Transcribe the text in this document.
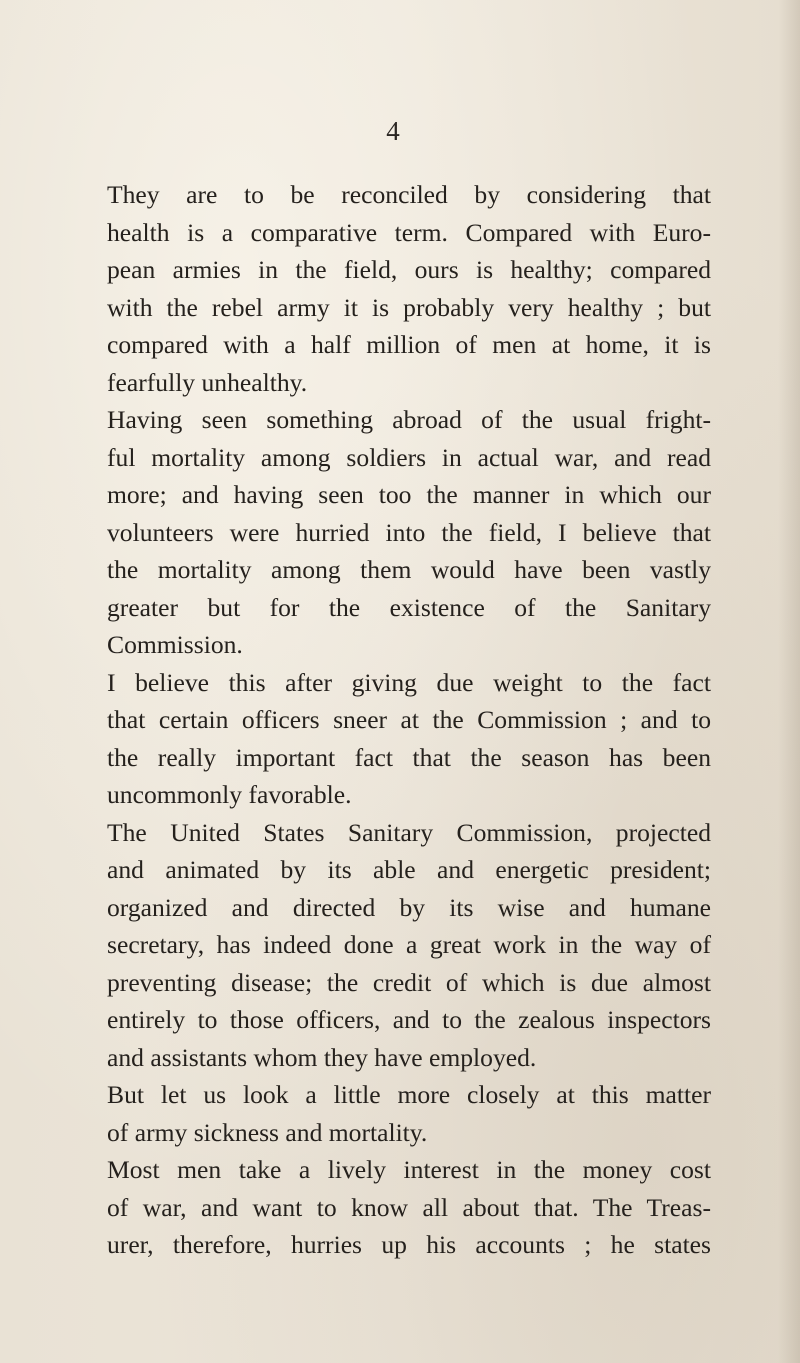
4

They are to be reconciled by considering that
health is a comparative term. Compared with Euro-
pean armies in the field, ours is healthy; compared
with the rebel army it is probably very healthy ; but
compared with a half million of men at home, it is
fearfully unhealthy.

Having seen something abroad of the usual fright-
ful mortality among soldiers in actual war, and read
more; and having seen too the manner in which our
volunteers were hurried into the field, I believe that
the mortality among them would have been vastly
greater but for the existence of the Sanitary
Commission.

I believe this after giving due weight to the fact
that certain officers sneer at the Commission ; and to
the really important fact that the season has been
uncommonly favorable.

The United States Sanitary Commission, projected
and animated by its able and energetic president;
organized and directed by its wise and humane
secretary, has indeed done a great work in the way of
preventing disease; the credit of which is due almost
entirely to those officers, and to the zealous inspectors
and assistants whom they have employed.

But let us look a little more closely at this matter
of army sickness and mortality.

Most men take a lively interest in the money cost
of war, and want to know all about that. The Treas-
urer, therefore, hurries up his accounts ; he states
